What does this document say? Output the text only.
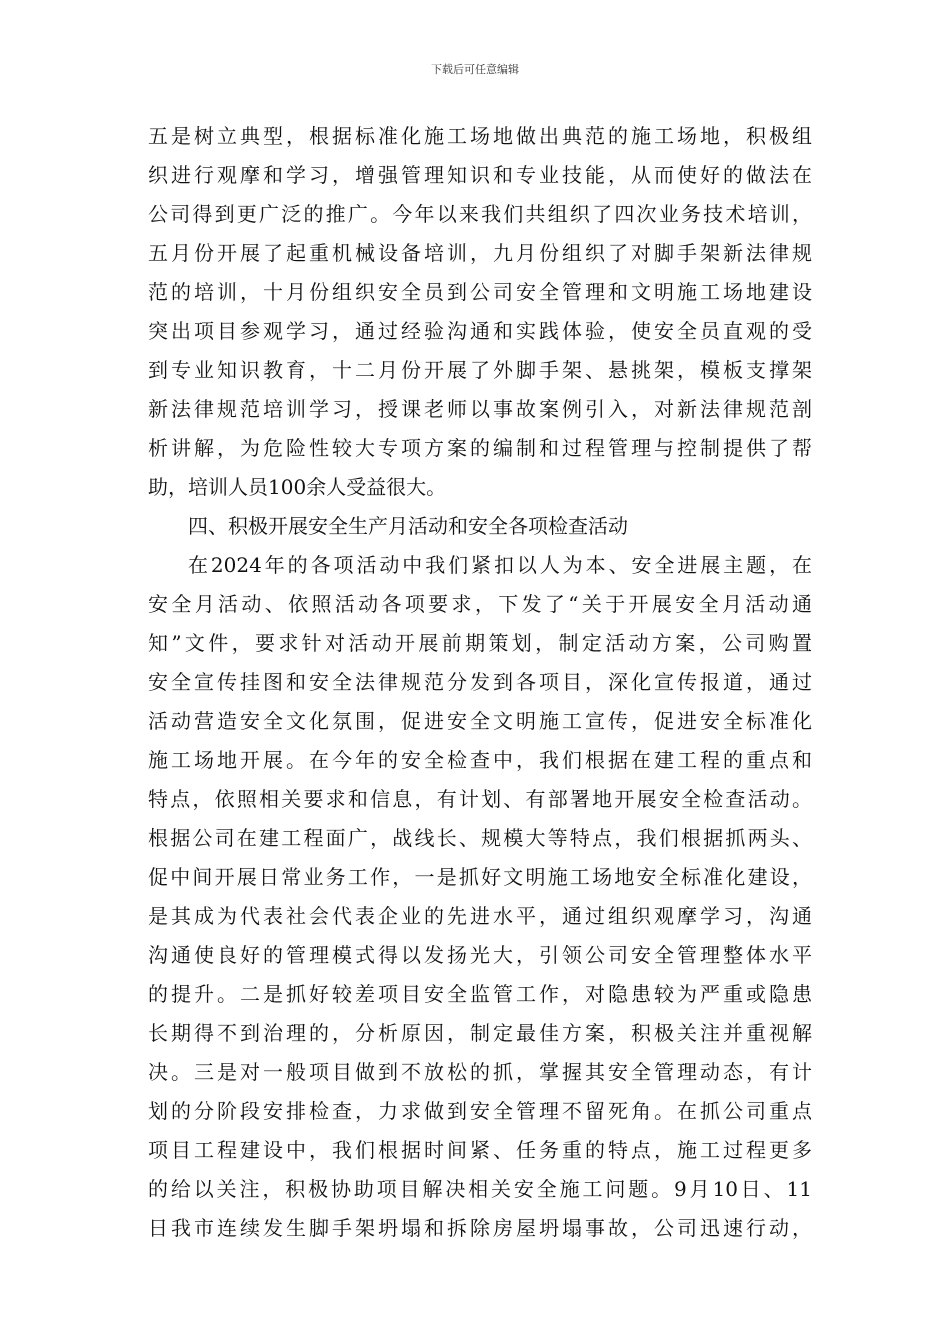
下载后可任意编辑
五是树立典型，根据标准化施工场地做出典范的施工场地，积极组
织进行观摩和学习，增强管理知识和专业技能，从而使好的做法在
公司得到更广泛的推广。今年以来我们共组织了四次业务技术培训，
五月份开展了起重机械设备培训，九月份组织了对脚手架新法律规
范的培训，十月份组织安全员到公司安全管理和文明施工场地建设
突出项目参观学习，通过经验沟通和实践体验，使安全员直观的受
到专业知识教育，十二月份开展了外脚手架、悬挑架，模板支撑架
新法律规范培训学习，授课老师以事故案例引入，对新法律规范剖
析讲解，为危险性较大专项方案的编制和过程管理与控制提供了帮
助，培训人员100余人受益很大。
四、积极开展安全生产月活动和安全各项检查活动
在2024年的各项活动中我们紧扣以人为本、安全进展主题，在
安全月活动、依照活动各项要求，下发了“关于开展安全月活动通
知”文件，要求针对活动开展前期策划，制定活动方案，公司购置
安全宣传挂图和安全法律规范分发到各项目，深化宣传报道，通过
活动营造安全文化氛围，促进安全文明施工宣传，促进安全标准化
施工场地开展。在今年的安全检查中，我们根据在建工程的重点和
特点，依照相关要求和信息，有计划、有部署地开展安全检查活动。
根据公司在建工程面广，战线长、规模大等特点，我们根据抓两头、
促中间开展日常业务工作，一是抓好文明施工场地安全标准化建设，
是其成为代表社会代表企业的先进水平，通过组织观摩学习，沟通
沟通使良好的管理模式得以发扬光大，引领公司安全管理整体水平
的提升。二是抓好较差项目安全监管工作，对隐患较为严重或隐患
长期得不到治理的，分析原因，制定最佳方案，积极关注并重视解
决。三是对一般项目做到不放松的抓，掌握其安全管理动态，有计
划的分阶段安排检查，力求做到安全管理不留死角。在抓公司重点
项目工程建设中，我们根据时间紧、任务重的特点，施工过程更多
的给以关注，积极协助项目解决相关安全施工问题。9月10日、11
日我市连续发生脚手架坍塌和拆除房屋坍塌事故，公司迅速行动，
